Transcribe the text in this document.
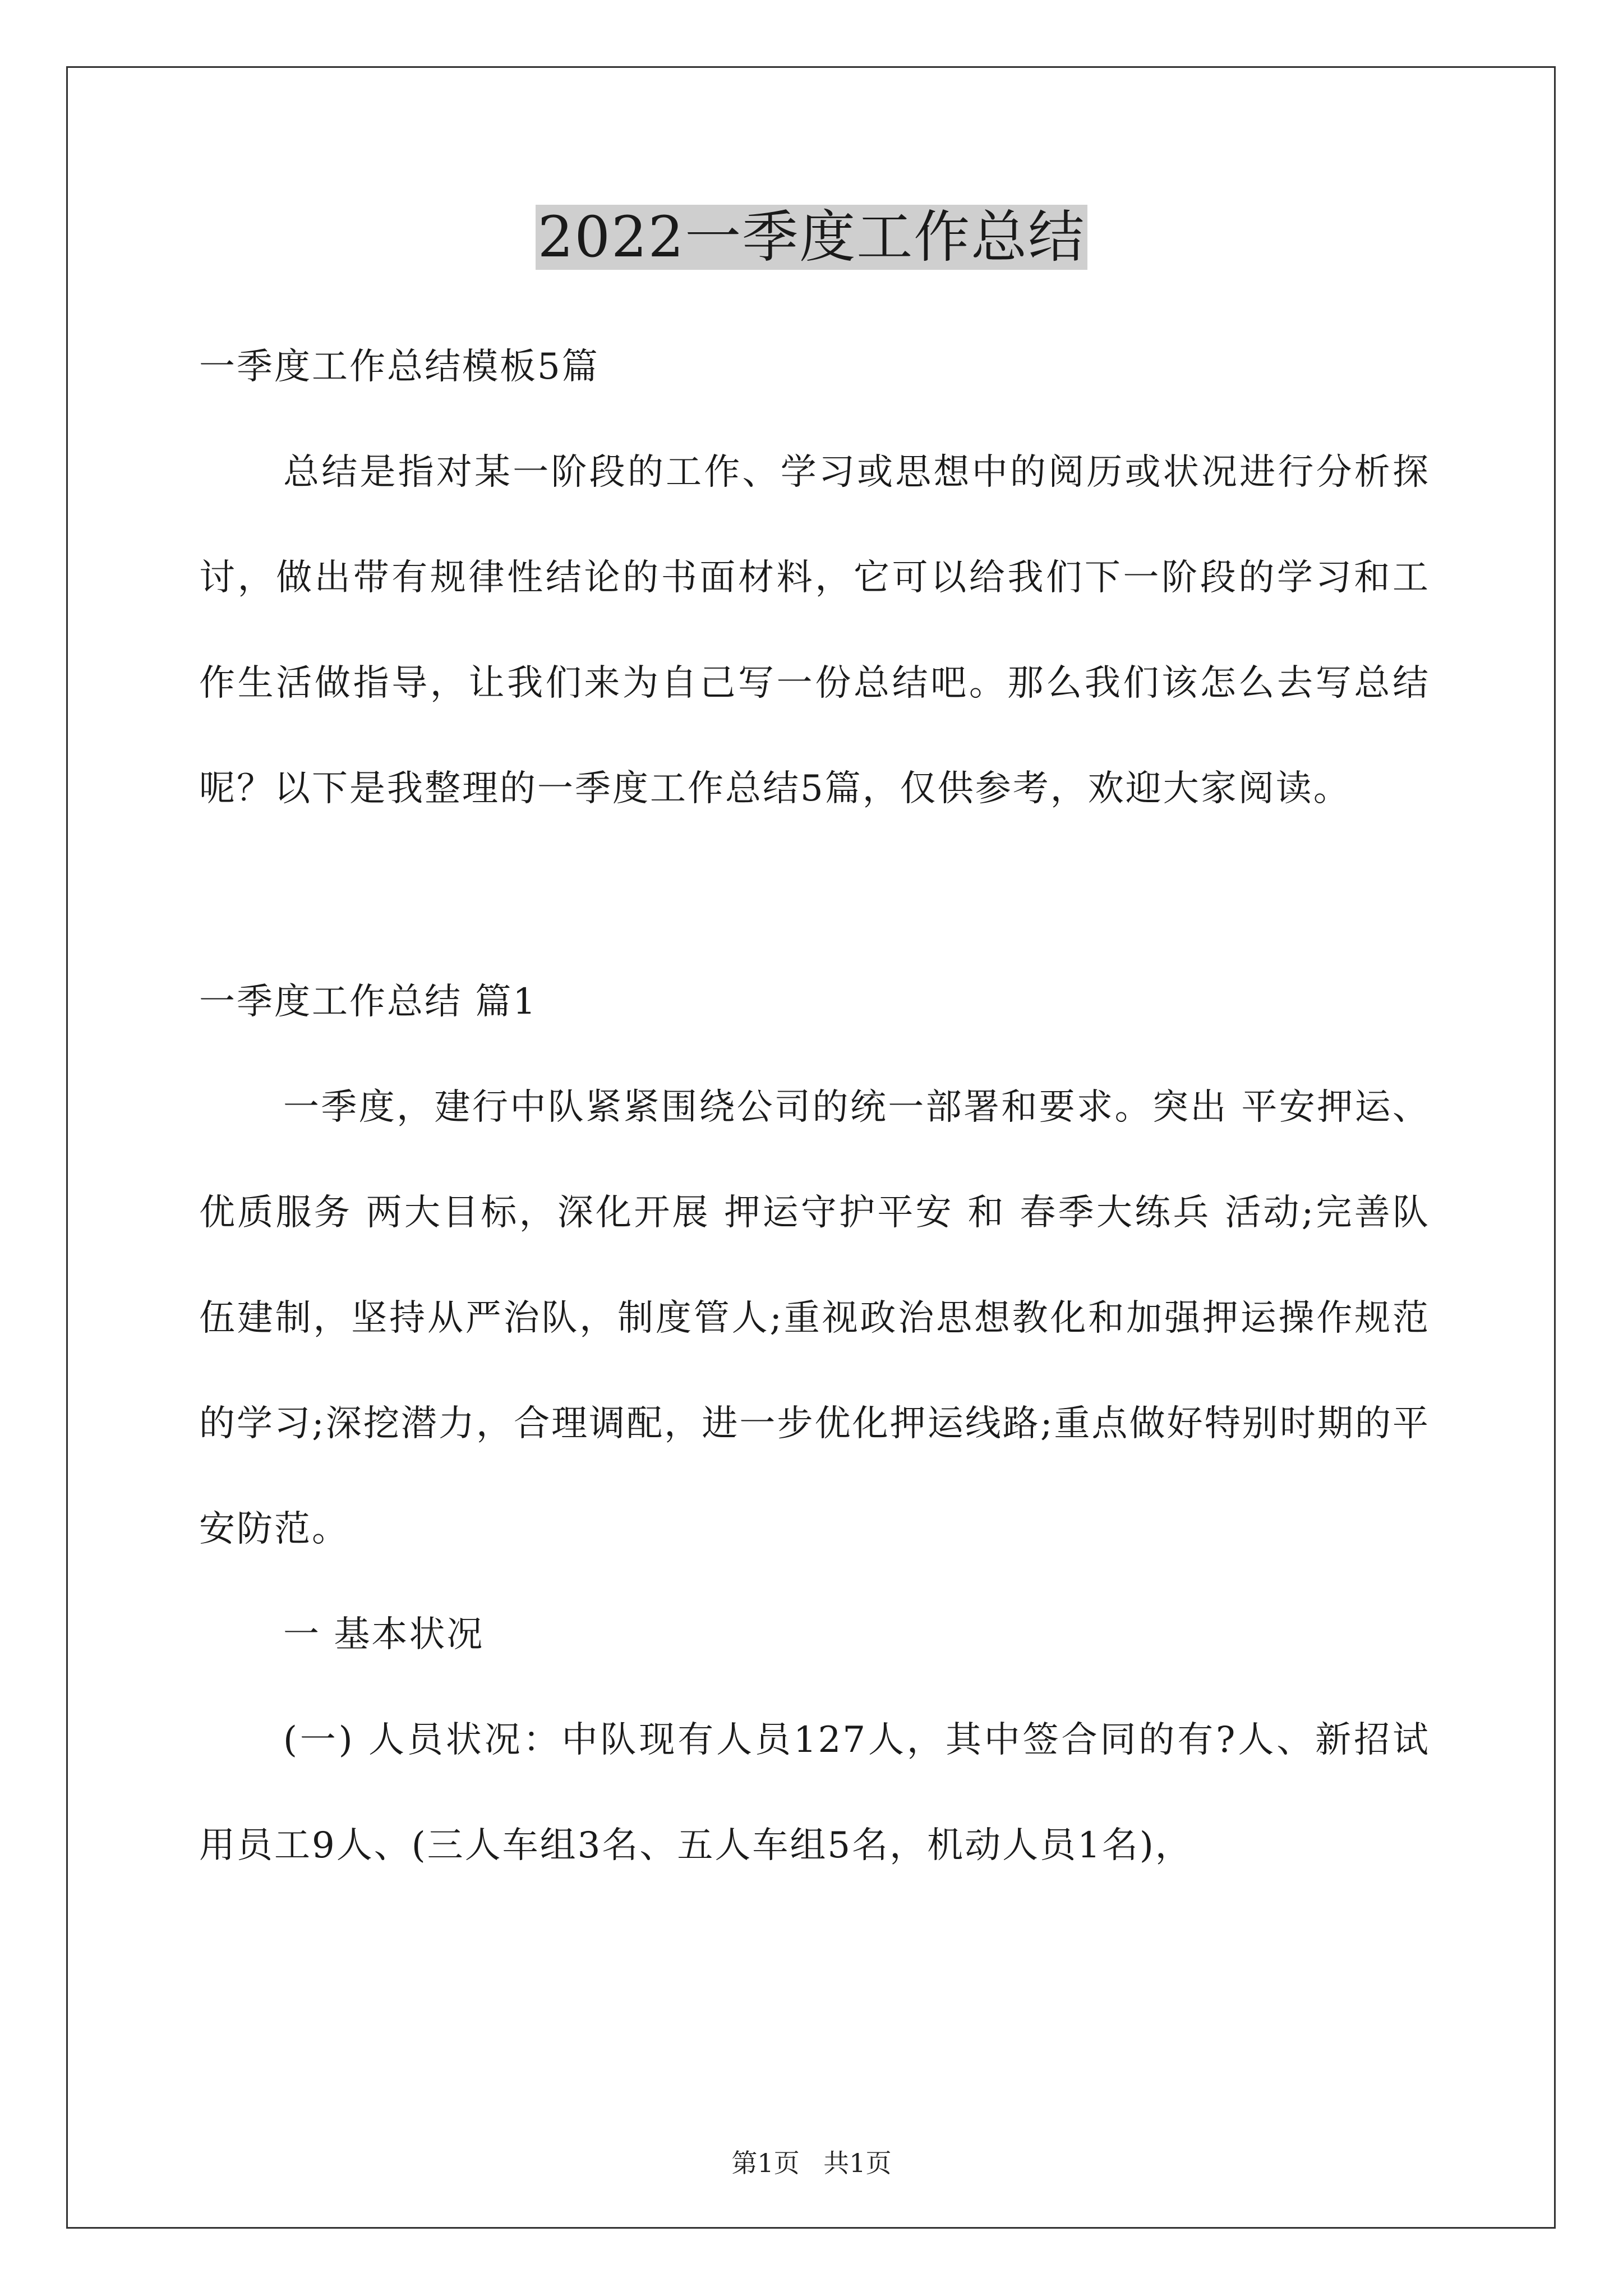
2022一季度工作总结

一季度工作总结模板5篇

总结是指对某一阶段的工作、学习或思想中的阅历或状况进行分析探讨，做出带有规律性结论的书面材料，它可以给我们下一阶段的学习和工作生活做指导，让我们来为自己写一份总结吧。那么我们该怎么去写总结呢？以下是我整理的一季度工作总结5篇，仅供参考，欢迎大家阅读。

一季度工作总结 篇1

一季度，建行中队紧紧围绕公司的统一部署和要求。突出 平安押运、优质服务 两大目标，深化开展 押运守护平安 和 春季大练兵 活动;完善队伍建制，坚持从严治队，制度管人;重视政治思想教化和加强押运操作规范的学习;深挖潜力，合理调配，进一步优化押运线路;重点做好特别时期的平安防范。

一 基本状况

(一) 人员状况：中队现有人员127人，其中签合同的有?人、新招试用员工9人、(三人车组3名、五人车组5名，机动人员1名)，

第1页 共1页
